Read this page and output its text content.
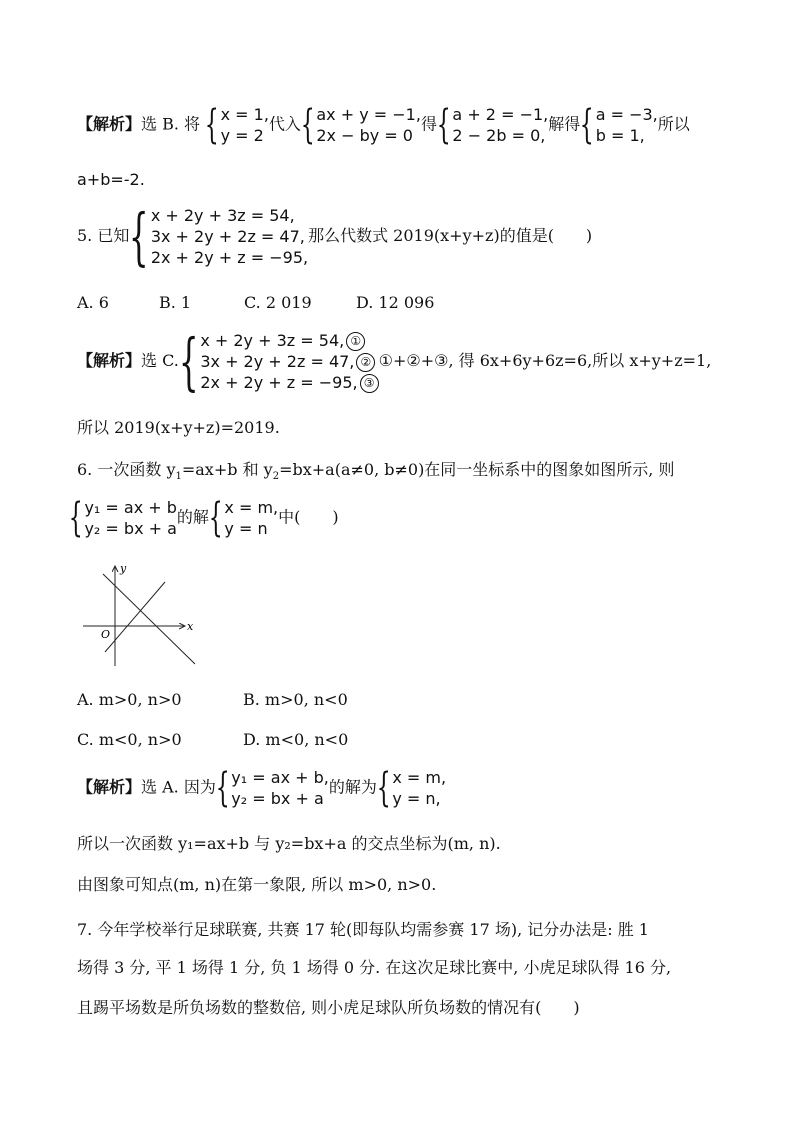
【解析】选 B. 将 { x = 1,
y = 2
代入 { ax + y = −1,
2x − by = 0
得 { a + 2 = −1,
2 − 2b = 0,
解得 { a = −3,
b = 1,
所以
a+b=-2.
5. 已知 { x + 2y + 3z = 54,
3x + 2y + 2z = 47,
2x + 2y + z = −95,
那么代数式 2019(x+y+z)的值是(　　)
A. 6	B. 1	C. 2 019	D. 12 096
【解析】选 C. { x + 2y + 3z = 54, ①
3x + 2y + 2z = 47, ②
2x + 2y + z = −95, ③
①+②+③, 得 6x+6y+6z=6,所以 x+y+z=1,
所以 2019(x+y+z)=2019.
6. 一次函数 $y_1=ax+b$ 和 $y_2=bx+a(a\ne 0$, b≠0)在同一坐标系中的图象如图所示, 则
{ y₁ = ax + b
y₂ = bx + a
的解 { x = m,
y = n
中(　　)
y
x
O
A. m>0, n>0	B. m>0, n<0
C. m<0, n>0	D. m<0, n<0
【解析】选 A. 因为 { y₁ = ax + b,
y₂ = bx + a
的解为 { x = m,
y = n,
所以一次函数 y₁=ax+b 与 y₂=bx+a 的交点坐标为(m, n).
由图象可知点(m, n)在第一象限, 所以 m>0, n>0.
7. 今年学校举行足球联赛, 共赛 17 轮(即每队均需参赛 17 场), 记分办法是: 胜 1
场得 3 分, 平 1 场得 1 分, 负 1 场得 0 分. 在这次足球比赛中, 小虎足球队得 16 分,
且踢平场数是所负场数的整数倍, 则小虎足球队所负场数的情况有(　　)
